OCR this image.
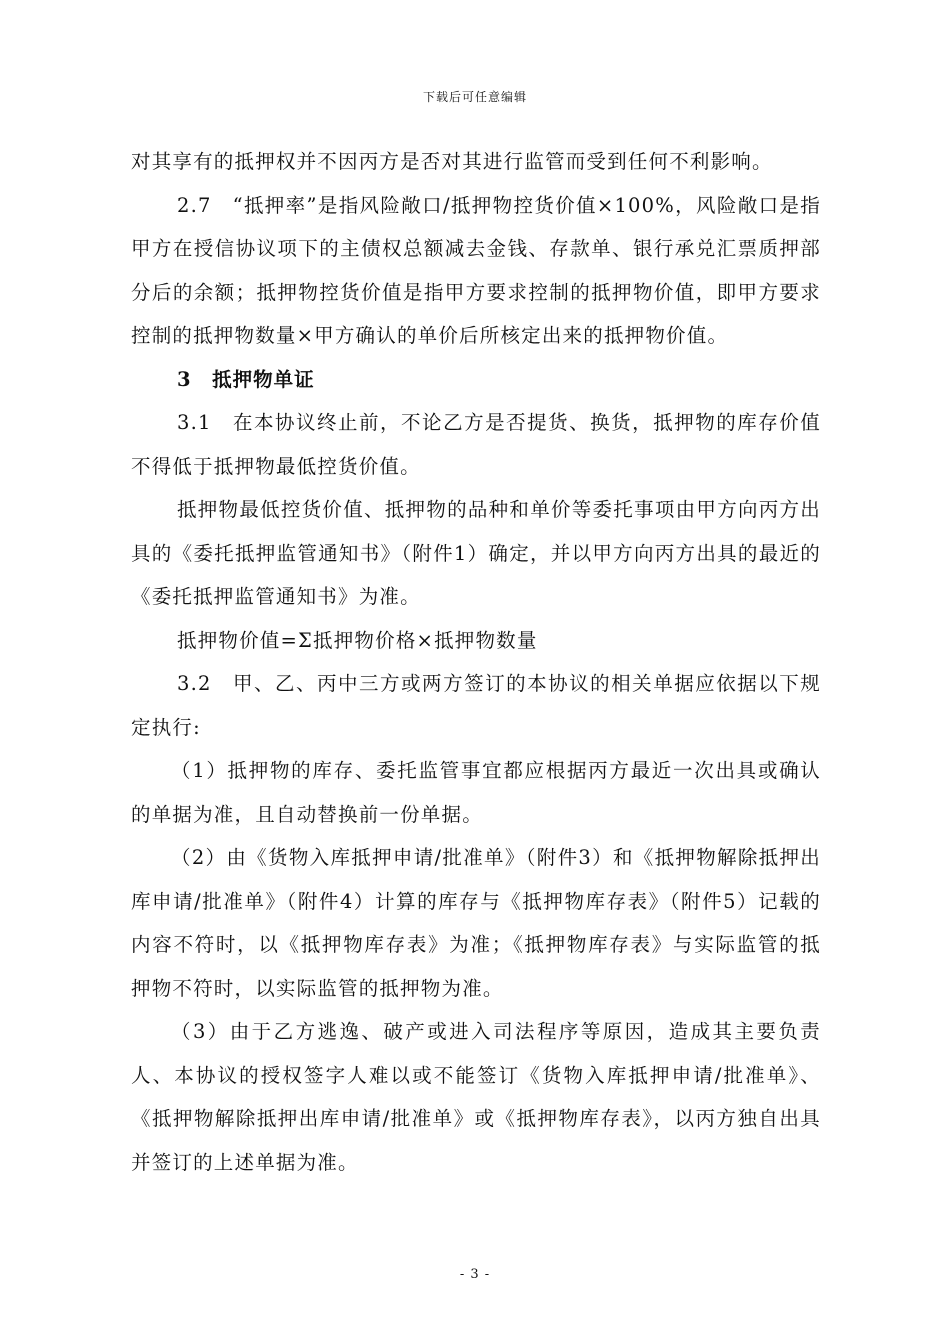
下载后可任意编辑

对其享有的抵押权并不因丙方是否对其进行监管而受到任何不利影响。

2.7　“抵押率”是指风险敞口/抵押物控货价值×100%，风险敞口是指甲方在授信协议项下的主债权总额减去金钱、存款单、银行承兑汇票质押部分后的余额；抵押物控货价值是指甲方要求控制的抵押物价值，即甲方要求控制的抵押物数量×甲方确认的单价后所核定出来的抵押物价值。

3　抵押物单证

3.1　在本协议终止前，不论乙方是否提货、换货，抵押物的库存价值不得低于抵押物最低控货价值。

抵押物最低控货价值、抵押物的品种和单价等委托事项由甲方向丙方出具的《委托抵押监管通知书》（附件1）确定，并以甲方向丙方出具的最近的《委托抵押监管通知书》为准。

抵押物价值=Σ抵押物价格×抵押物数量

3.2　甲、乙、丙中三方或两方签订的本协议的相关单据应依据以下规定执行:

（1）抵押物的库存、委托监管事宜都应根据丙方最近一次出具或确认的单据为准，且自动替换前一份单据。

（2）由《货物入库抵押申请/批准单》（附件3）和《抵押物解除抵押出库申请/批准单》（附件4）计算的库存与《抵押物库存表》（附件5）记载的内容不符时，以《抵押物库存表》为准；《抵押物库存表》与实际监管的抵押物不符时，以实际监管的抵押物为准。

（3）由于乙方逃逸、破产或进入司法程序等原因，造成其主要负责人、本协议的授权签字人难以或不能签订《货物入库抵押申请/批准单》、《抵押物解除抵押出库申请/批准单》或《抵押物库存表》，以丙方独自出具并签订的上述单据为准。

- 3 -
